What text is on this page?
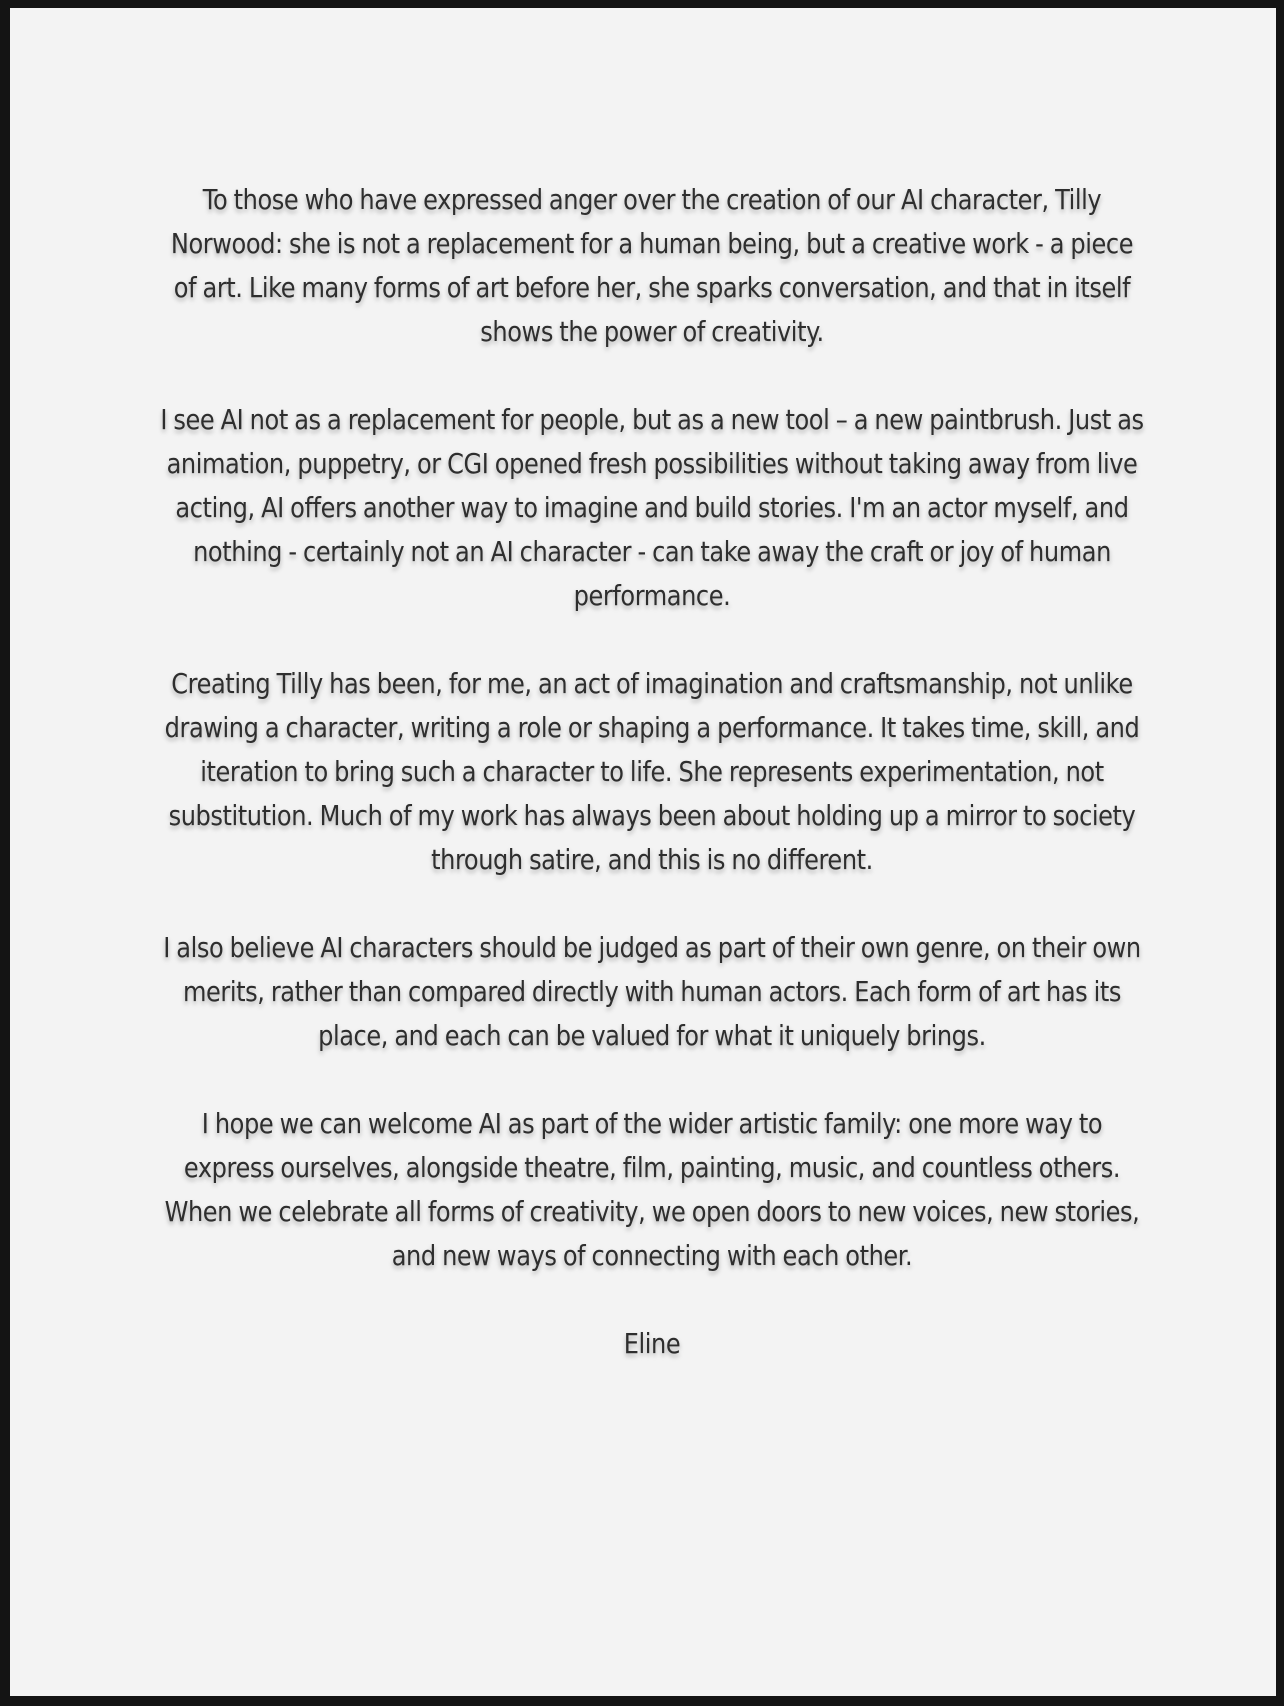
To those who have expressed anger over the creation of our AI character, Tilly Norwood: she is not a replacement for a human being, but a creative work - a piece of art. Like many forms of art before her, she sparks conversation, and that in itself shows the power of creativity.

I see AI not as a replacement for people, but as a new tool – a new paintbrush. Just as animation, puppetry, or CGI opened fresh possibilities without taking away from live acting, AI offers another way to imagine and build stories. I'm an actor myself, and nothing - certainly not an AI character - can take away the craft or joy of human performance.

Creating Tilly has been, for me, an act of imagination and craftsmanship, not unlike drawing a character, writing a role or shaping a performance. It takes time, skill, and iteration to bring such a character to life. She represents experimentation, not substitution. Much of my work has always been about holding up a mirror to society through satire, and this is no different.

I also believe AI characters should be judged as part of their own genre, on their own merits, rather than compared directly with human actors. Each form of art has its place, and each can be valued for what it uniquely brings.

I hope we can welcome AI as part of the wider artistic family: one more way to express ourselves, alongside theatre, film, painting, music, and countless others. When we celebrate all forms of creativity, we open doors to new voices, new stories, and new ways of connecting with each other.

Eline
